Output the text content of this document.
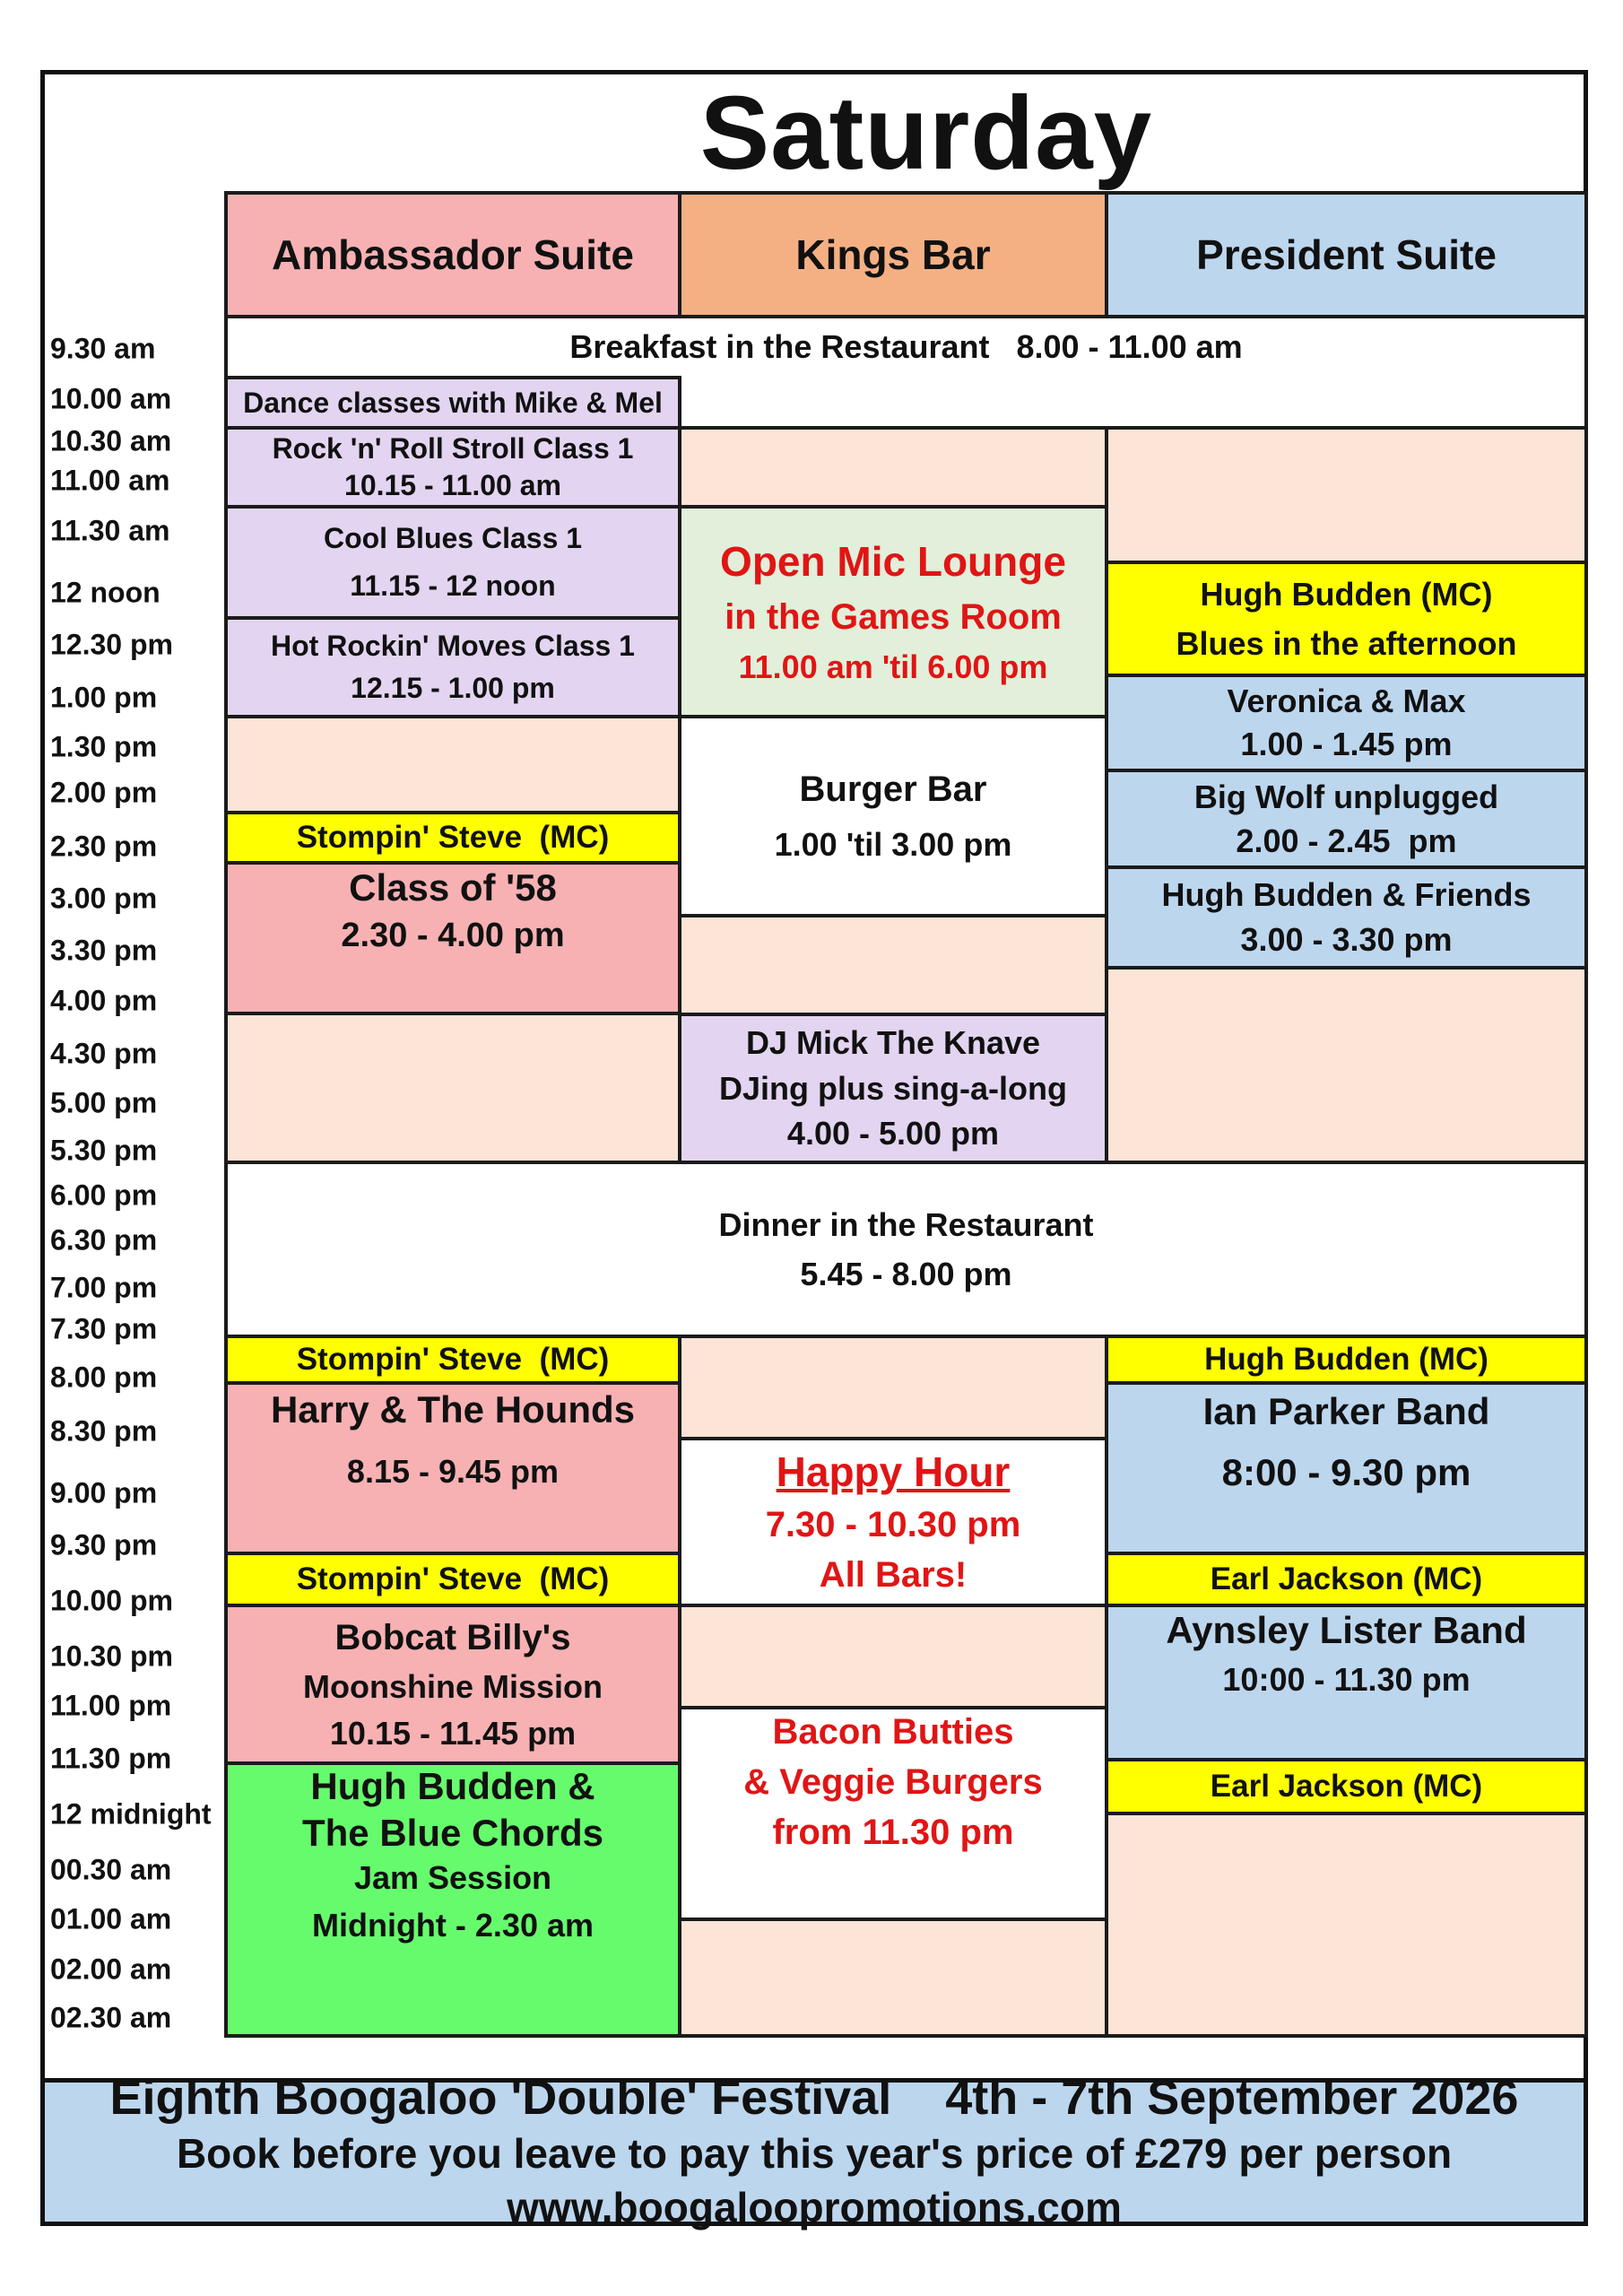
Saturday
Ambassador Suite	Kings Bar	President Suite
9.30 am
10.00 am
10.30 am
11.00 am
11.30 am
12 noon
12.30 pm
1.00 pm
1.30 pm
2.00 pm
2.30 pm
3.00 pm
3.30 pm
4.00 pm
4.30 pm
5.00 pm
5.30 pm
6.00 pm
6.30 pm
7.00 pm
7.30 pm
8.00 pm
8.30 pm
9.00 pm
9.30 pm
10.00 pm
10.30 pm
11.00 pm
11.30 pm
12 midnight
00.30 am
01.00 am
02.00 am
02.30 am
Breakfast in the Restaurant   8.00 - 11.00 am
Dance classes with Mike & Mel
Rock 'n' Roll Stroll Class 1
10.15 - 11.00 am
Cool Blues Class 1
11.15 - 12 noon
Hot Rockin' Moves Class 1
12.15 - 1.00 pm
Stompin' Steve  (MC)
Class of '58
2.30 - 4.00 pm
Open Mic Lounge
in the Games Room
11.00 am 'til 6.00 pm
Burger Bar
1.00 'til 3.00 pm
DJ Mick The Knave
DJing plus sing-a-long
4.00 - 5.00 pm
Hugh Budden (MC)
Blues in the afternoon
Veronica & Max
1.00 - 1.45 pm
Big Wolf unplugged
2.00 - 2.45  pm
Hugh Budden & Friends
3.00 - 3.30 pm
Dinner in the Restaurant
5.45 - 8.00 pm
Stompin' Steve  (MC)
Harry & The Hounds
8.15 - 9.45 pm
Stompin' Steve  (MC)
Bobcat Billy's
Moonshine Mission
10.15 - 11.45 pm
Hugh Budden &
The Blue Chords
Jam Session
Midnight - 2.30 am
Happy Hour
7.30 - 10.30 pm
All Bars!
Bacon Butties
& Veggie Burgers
from 11.30 pm
Hugh Budden (MC)
Ian Parker Band
8:00 - 9.30 pm
Earl Jackson (MC)
Aynsley Lister Band
10:00 - 11.30 pm
Earl Jackson (MC)
Eighth Boogaloo 'Double' Festival 4th - 7th September 2026
Book before you leave to pay this year's price of £279 per person
www.boogaloopromotions.com
